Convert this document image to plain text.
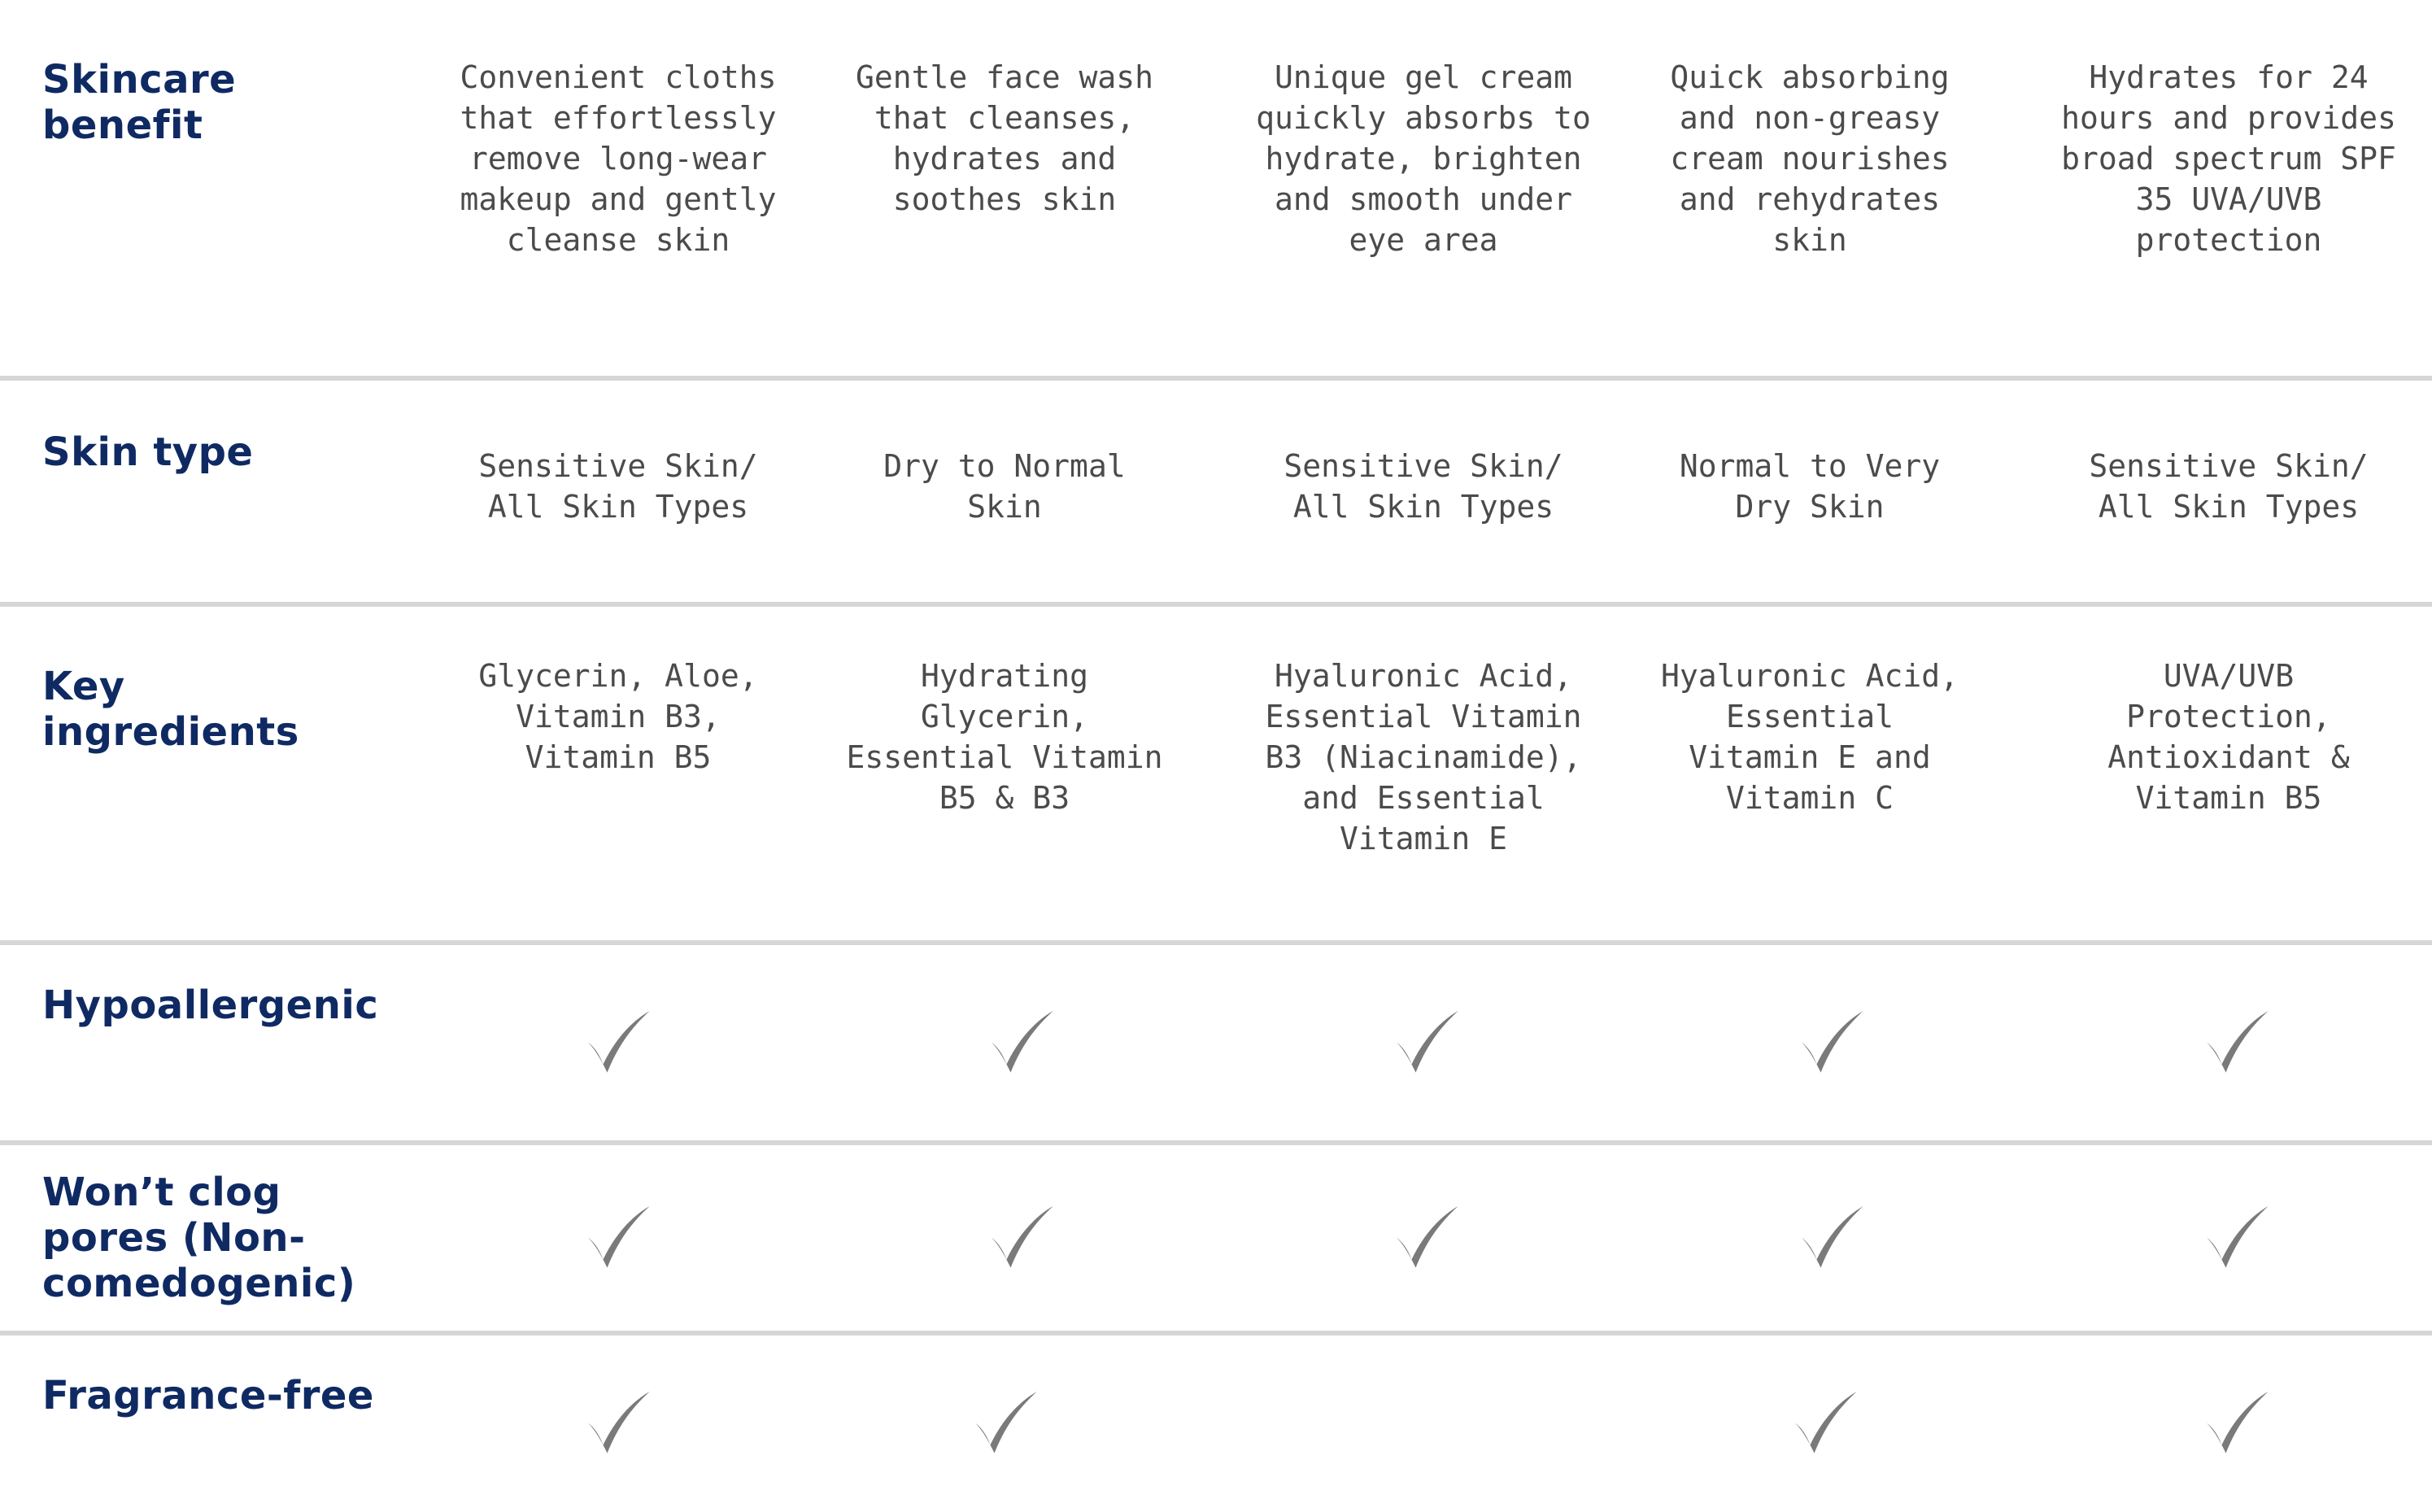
Skincare benefit
Convenient cloths that effortlessly remove long-wear makeup and gently cleanse skin
Gentle face wash that cleanses, hydrates and soothes skin
Unique gel cream quickly absorbs to hydrate, brighten and smooth under eye area
Quick absorbing and non-greasy cream nourishes and rehydrates skin
Hydrates for 24 hours and provides broad spectrum SPF 35 UVA/UVB protection
Skin type	Sensitive Skin/ All Skin Types
Dry to Normal Skin
Sensitive Skin/ All Skin Types
Normal to Very Dry Skin
Sensitive Skin/ All Skin Types
Key ingredients
Glycerin, Aloe, Vitamin B3, Vitamin B5
Hydrating Glycerin, Essential Vitamin B5 & B3
Hyaluronic Acid, Essential Vitamin B3 (Niacinamide), and Essential Vitamin E
Hyaluronic Acid, Essential Vitamin E and Vitamin C
UVA/UVB Protection, Antioxidant & Vitamin B5
Hypoallergenic
Won’t clog pores (Non-comedogenic)
Fragrance-free
